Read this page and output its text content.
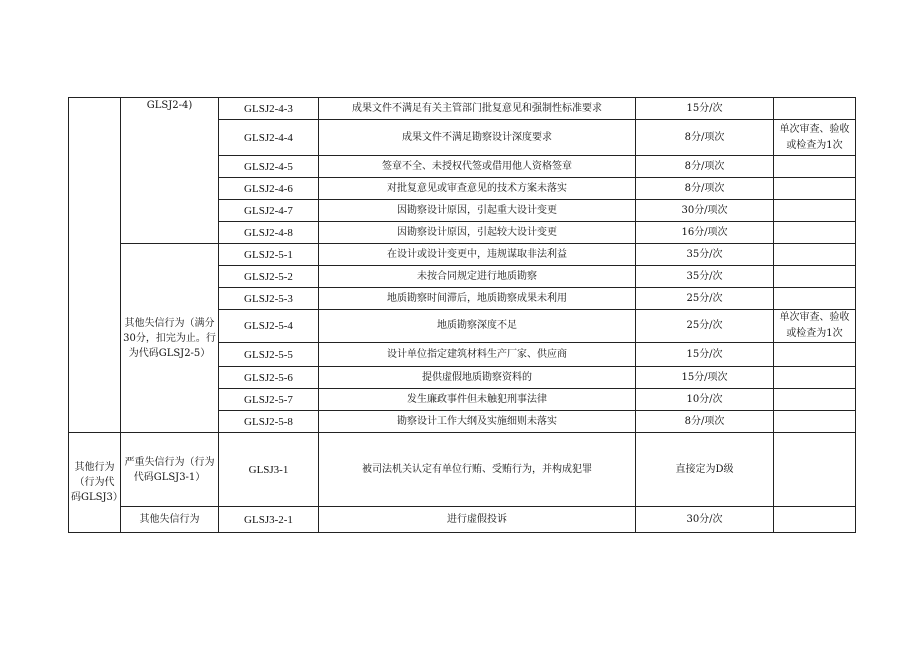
	GLSJ2-4)	GLSJ2-4-3	成果文件不满足有关主管部门批复意见和强制性标准要求	15分/次	
		GLSJ2-4-4	成果文件不满足勘察设计深度要求	8分/项次	单次审查、验收或检查为1次
		GLSJ2-4-5	签章不全、未授权代签或借用他人资格签章	8分/项次	
		GLSJ2-4-6	对批复意见或审查意见的技术方案未落实	8分/项次	
		GLSJ2-4-7	因勘察设计原因，引起重大设计变更	30分/项次	
		GLSJ2-4-8	因勘察设计原因，引起较大设计变更	16分/项次	
	其他失信行为（满分30分，扣完为止。行为代码GLSJ2-5）	GLSJ2-5-1	在设计或设计变更中，违规谋取非法利益	35分/次	
		GLSJ2-5-2	未按合同规定进行地质勘察	35分/次	
		GLSJ2-5-3	地质勘察时间滞后，地质勘察成果未利用	25分/次	
		GLSJ2-5-4	地质勘察深度不足	25分/次	单次审查、验收或检查为1次
		GLSJ2-5-5	设计单位指定建筑材料生产厂家、供应商	15分/次	
		GLSJ2-5-6	提供虚假地质勘察资料的	15分/项次	
		GLSJ2-5-7	发生廉政事件但未触犯刑事法律	10分/次	
		GLSJ2-5-8	勘察设计工作大纲及实施细则未落实	8分/项次	
其他行为（行为代码GLSJ3）	严重失信行为（行为代码GLSJ3-1）	GLSJ3-1	被司法机关认定有单位行贿、受贿行为，并构成犯罪	直接定为D级	
	其他失信行为	GLSJ3-2-1	进行虚假投诉	30分/次	
